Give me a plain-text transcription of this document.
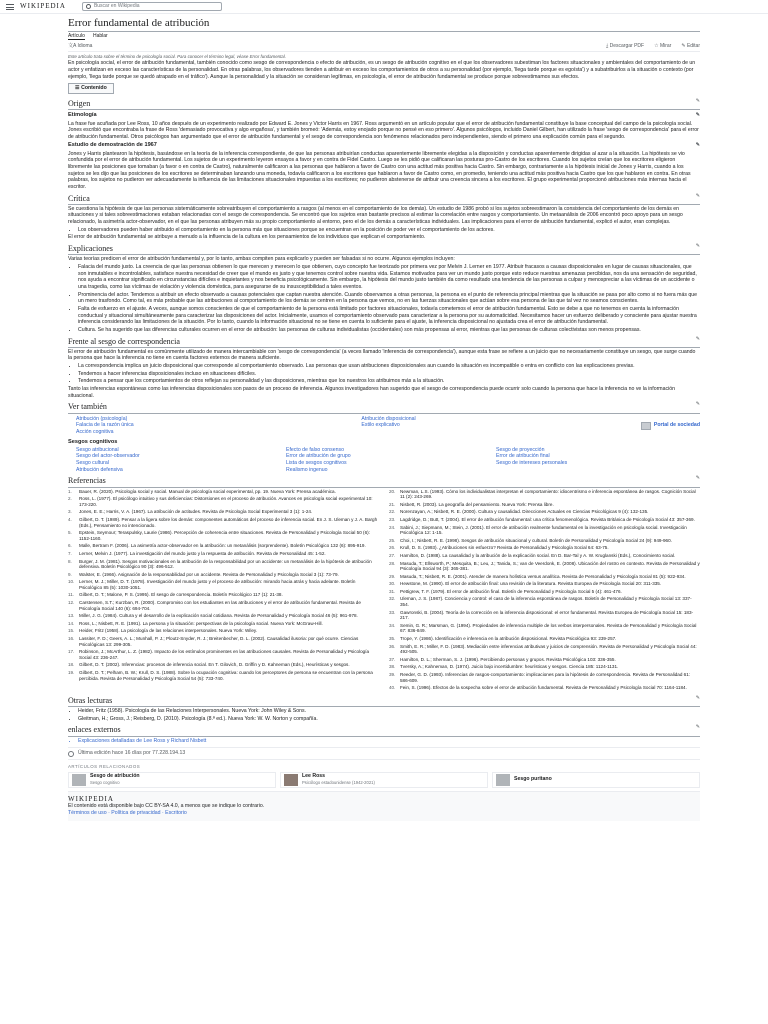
WIKIPEDIA	Buscar en Wikipedia
Error fundamental de atribución
Artículo Hablar
文A Idioma	⤓ Descargar PDF ☆ Mirar ✎ Editar
Este artículo trata sobre el término de psicología social. Para conocer el término legal, véase Error fundamental.

En psicología social, el error de atribución fundamental, también conocido como sesgo de correspondencia o efecto de atribución, es un sesgo de atribución cognitivo en el que los observadores subestiman los factores situacionales y ambientales del comportamiento de un actor y enfatizan en exceso las características de la personalidad. En otras palabras, los observadores tienden a atribuir en exceso los comportamientos de otros a su personalidad (por ejemplo, 'llega tarde porque es egoísta') y a subatribuirlos a la situación o contexto (por ejemplo, 'llega tarde porque se quedó atrapado en el tráfico'). Aunque la personalidad y la situación se consideran legítimas, en psicología, el error de atribución fundamental se produce porque sobreestimamos sus efectos.

☰ Contenido
Origen	✎
Etimología	✎

La frase fue acuñada por Lee Ross, 10 años después de un experimento realizado por Edward E. Jones y Victor Harris en 1967. Ross argumentó en un artículo popular que el error de atribución fundamental constituye la base conceptual del campo de la psicología social. Jones escribió que encontraba la frase de Ross 'demasiado provocativa y algo engañosa', y también bromeó: 'Además, estoy enojado porque no pensé en eso primero'. Algunos psicólogos, incluido Daniel Gilbert, han utilizado la frase 'sesgo de correspondencia' para el error de atribución fundamental. Otros psicólogos han argumentado que el error de atribución fundamental y el sesgo de correspondencia son fenómenos relacionados pero independientes, siendo el primero una explicación común para el segundo.

Estudio de demostración de 1967	✎

Jones y Harris plantearon la hipótesis, basándose en la teoría de la inferencia correspondiente, de que las personas atribuirían conductas aparentemente libremente elegidas a la disposición y conductas aparentemente dirigidas al azar a la situación. La hipótesis se vio confundida por el error de atribución fundamental. Los sujetos de un experimento leyeron ensayos a favor y en contra de Fidel Castro. Luego se les pidió que calificaran las posturas pro-Castro de los escritores. Cuando los sujetos creían que los escritores eligieron libremente las posiciones que tomaban (a favor o en contra de Castro), naturalmente calificaron a las personas que hablaron a favor de Castro con una actitud más positiva hacia Castro. Sin embargo, contrariamente a la hipótesis inicial de Jones y Harris, cuando a los sujetos se les dijo que las posiciones de los escritores se determinaban lanzando una moneda, todavía calificaron a los escritores que hablaron a favor de Castro como, en promedio, teniendo una actitud más positiva hacia Castro que los que hablaron en contra. En otras palabras, los sujetos no pudieron ver adecuadamente la influencia de las limitaciones situacionales impuestas a los escritores; no pudieron abstenerse de atribuir una creencia sincera a los escritores. El grupo experimental proporcionó atribuciones más internas hacia el escritor.

Crítica	✎

Se cuestiona la hipótesis de que las personas sistemáticamente sobreatribuyen el comportamiento a rasgos (al menos en el comportamiento de los demás). Un estudio de 1986 probó si los sujetos sobreestimaron la consistencia del comportamiento de los demás en situaciones y si tales sobreestimaciones estaban relacionadas con el sesgo de correspondencia. Se encontró que los sujetos eran bastante precisos al estimar la correlación entre rasgos y comportamiento. Un metaanálisis de 2006 encontró poco apoyo para un sesgo relacionado, la asimetría actor-observador, en el que las personas atribuyen más su propio comportamiento al entorno, pero el de los demás a características individuales. Las implicaciones para el error de atribución fundamental, explicó el autor, eran complejas.

• Los observadores pueden haber atribuido el comportamiento en la persona más que situaciones porque se encuentran en la posición de poder ver el comportamiento de los actores.

El error de atribución fundamental se atribuye a menudo a la influencia de la cultura en los pensamientos de los individuos que explican el comportamiento.

Explicaciones	✎

Varias teorías predicen el error de atribución fundamental y, por lo tanto, ambas compiten para explicarlo y pueden ser falsadas si no ocurre. Algunos ejemplos incluyen:

• Falacia del mundo justo. La creencia de que las personas obtienen lo que merecen y merecen lo que obtienen, cuyo concepto fue teorizado por primera vez por Melvin J. Lerner en 1977. Atribuir fracasos a causas disposicionales en lugar de causas situacionales, que son inmutables e incontrolables, satisface nuestra necesidad de creer que el mundo es justo y que tenemos control sobre nuestra vida. Estamos motivados para ver un mundo justo porque esto reduce nuestras amenazas percibidas, nos da una sensación de seguridad, nos ayuda a encontrar significado en circunstancias difíciles e inquietantes y nos beneficia psicológicamente. Sin embargo, la hipótesis del mundo justo también da como resultado una tendencia de las personas a culpar y menospreciar a las víctimas de un accidente o una tragedia, como las víctimas de violación y violencia doméstica, para asegurarse de su insusceptibilidad a tales eventos.
• Prominencia del actor. Tendemos a atribuir un efecto observado a causas potenciales que captan nuestra atención. Cuando observamos a otras personas, la persona es el punto de referencia principal mientras que la situación se pasa por alto como si no fuera más que un mero trasfondo. Como tal, es más probable que las atribuciones al comportamiento de los demás se centren en la persona que vemos, no en las fuerzas situacionales que actúan sobre esa persona de las que tal vez no seamos conscientes.
• Falta de esfuerzo en el ajuste. A veces, aunque somos conscientes de que el comportamiento de la persona está limitado por factores situacionales, todavía cometemos el error de atribución fundamental. Esto se debe a que no tenemos en cuenta la información conductual y situacional simultáneamente para caracterizar las disposiciones del actor. Inicialmente, usamos el comportamiento observado para caracterizar a la persona por su automaticidad. Necesitamos hacer un esfuerzo deliberado y consciente para ajustar nuestra inferencia considerando las limitaciones de la situación. Por lo tanto, cuando la información situacional no se tiene en cuenta lo suficiente para el ajuste, la inferencia disposicional no ajustada crea el error de atribución fundamental.
• Cultura. Se ha sugerido que las diferencias culturales ocurren en el error de atribución: las personas de culturas individualistas (occidentales) son más propensas al error, mientras que las personas de culturas colectivistas son menos propensas.
Frente al sesgo de correspondencia	✎

El error de atribución fundamental es comúnmente utilizado de manera intercambiable con 'sesgo de correspondencia' (a veces llamado 'inferencia de correspondencia'), aunque esta frase se refiere a un juicio que no necesariamente constituye un sesgo, que surge cuando la persona que hace la inferencia no tiene en cuenta factores externos de manera suficiente.

• La correspondencia implica un juicio disposicional que corresponde al comportamiento observado. Las personas que usan atribuciones disposicionales aun cuando la situación es incompatible o entra en conflicto con las explicaciones previas.
• Tendemos a hacer inferencias disposicionales incluso en situaciones difíciles.
• Tendemos a pensar que los comportamientos de otros reflejan su personalidad y las disposiciones, mientras que los nuestros los atribuimos más a la situación.

Tanto las inferencias espontáneas como las inferencias disposicionales son pasos de un proceso de inferencia. Algunos investigadores han sugerido que el sesgo de correspondencia puede ocurrir solo cuando la persona que hace la inferencia no ve la información situacional.

Ver también	✎
Atribución (psicología)	Atribución disposicional
Falacia de la razón única	Estilo explicativo
Acción cognitiva
Portal de sociedad
Sesgos cognitivos
Sesgo atribucional	Efecto de falso consenso	Sesgo de proyección
Sesgo del actor-observador	Error de atribución de grupo	Error de atribución final
Sesgo cultural	Lista de sesgos cognitivos	Sesgo de intereses personales
Atribución defensiva	Realismo ingenuo
Referencias	✎
1.	Bauer, R. (2020). Psicología social y social. Manual de psicología social experimental, pp. 19. Nueva York: Prensa académica.
2.	Ross, L. (1977). El psicólogo intuitivo y sus deficiencias: Distorsiones en el proceso de atribución. Avances en psicología social experimental 10: 173-220.
3.	Jones, E. E.; Harris, V. A. (1967). La atribución de actitudes. Revista de Psicología Social Experimental 3 (1): 1-24.
4.	Gilbert, D. T. (1989). Pensar a la ligera sobre los demás: componentes automáticos del proceso de inferencia social. En J. S. Uleman y J. A. Bargh (Eds.), Pensamiento no intencionado.
5.	Epstein, Seymour; Teraspulsky, Laurie (1986). Percepción de coherencia entre situaciones. Revista de Personalidad y Psicología Social 50 (6): 1152-1160.
6.	Malle, Bertram F. (2006). La asimetría actor-observador en la atribución: un metanálisis (sorprendente). Boletín Psicológico 132 (6): 895-919.
7.	Lerner, Melvin J. (1977). La investigación del mundo justo y la respuesta de atribución. Revista de Personalidad 45: 1-52.
8.	Burger, J. M. (1981). Sesgos motivacionales en la atribución de la responsabilidad por un accidente: un metanálisis de la hipótesis de atribución defensiva. Boletín Psicológico 90 (3): 496-512.
9.	Walster, E. (1966). Asignación de la responsabilidad por un accidente. Revista de Personalidad y Psicología Social 3 (1): 73-79.
10.	Lerner, M. J.; Miller, D. T. (1978). Investigación del mundo justo y el proceso de atribución: mirando hacia atrás y hacia adelante. Boletín Psicológico 85 (5): 1030-1051.
11.	Gilbert, D. T.; Malone, P. S. (1995). El sesgo de correspondencia. Boletín Psicológico 117 (1): 21-38.
12.	Carstensen, S.T.; Kurzban, R. (2000). Compromiso con los estudiantes en las atribuciones y el error de atribución fundamental. Revista de Psicología Social 140 (6): 694-704.
13.	Miller, J. G. (1984). Cultura y el desarrollo de la explicación social cotidiana. Revista de Personalidad y Psicología Social 46 (5): 961-978.
14.	Ross, L.; Nisbett, R. E. (1991). La persona y la situación: perspectivas de la psicología social. Nueva York: McGraw-Hill.
15.	Heider, Fritz (1958). La psicología de las relaciones interpersonales. Nueva York: Wiley.
16.	Lassiter, F. D.; Geers, A. L.; Munhall, P. J.; Ploutz-Snyder, R. J.; Breitenbecher, D. L. (2002). Causalidad ilusoria: por qué ocurre. Ciencias Psicológicas 13: 299-305.
17.	Robinson, J.; McArthur, L. Z. (1982). Impacto de los estímulos prominentes en las atribuciones causales. Revista de Personalidad y Psicología Social 43: 236-247.
18.	Gilbert, D. T. (2002). Inferencias: procesos de inferencia social. En T. Gilovich, D. Griffin y D. Kahneman (Eds.), Heurísticas y sesgos.
19.	Gilbert, D. T.; Pelham, B. W.; Krull, D. S. (1988). Sobre la ocupación cognitiva: cuando los perceptores de persona se encuentran con la persona percibida. Revista de Personalidad y Psicología Social 54 (5): 733-740.
20.	Newman, L.S. (1993). Cómo los individualistas interpretan el comportamiento: idiocentrismo e inferencia espontánea de rasgos. Cognición Social 11 (2): 243-269.
21.	Nisbett, R. (2003). La geografía del pensamiento. Nueva York: Prensa libre.
22.	Norenzayan, A.; Nisbett, R. E. (2000). Cultura y causalidad. Direcciones Actuales en Ciencias Psicológicas 9 (4): 132-135.
23.	Lagdridge, D.; Butt, T. (2004). El error de atribución fundamental: una crítica fenomenológica. Revista Británica de Psicología Social 43: 357-369.
24.	Sabini, J.; Siepmann, M.; Stein, J. (2001). El error de atribución realmente fundamental en la investigación en psicología social. Investigación Psicológica 12: 1-15.
25.	Choi, I.; Nisbett, R. E. (1998). Sesgos de atribución situacional y cultural. Boletín de Personalidad y Psicología Social 24 (9): 949-960.
26.	Krull, D. S. (1993). ¿Atribuciones sin esfuerzo? Revista de Personalidad y Psicología Social 64: 63-75.
27.	Hamilton, D. (1988). La causalidad y la atribución de la explicación social. En D. Bar-Tal y A. W. Kruglanski (Eds.), Conocimiento social.
28.	Masuda, T.; Ellsworth, P.; Mesquita, B.; Leu, J.; Tanida, S.; van de Veerdonk, E. (2008). Ubicación del rostro en contexto. Revista de Personalidad y Psicología Social 94 (3): 365-381.
29.	Masuda, T.; Nisbett, R. E. (2001). Atender de manera holística versus analítica. Revista de Personalidad y Psicología Social 81 (5): 922-934.
30.	Hewstone, M. (1990). El error de atribución final: una revisión de la literatura. Revista Europea de Psicología Social 20: 311-335.
31.	Pettigrew, T. F. (1979). El error de atribución final. Boletín de Personalidad y Psicología Social 5 (4): 461-476.
32.	Uleman, J. S. (1987). Conciencia y control: el caso de la inferencia espontánea de rasgos. Boletín de Personalidad y Psicología Social 13: 337-354.
33.	Gawronski, B. (2004). Teoría de la corrección en la inferencia disposicional: el error fundamental. Revista Europea de Psicología Social 15: 183-217.
34.	Semin, G. R.; Marsman, G. (1994). Propiedades de inferencia multiple de los verbos interpersonales. Revista de Personalidad y Psicología Social 67: 836-849.
35.	Trope, Y. (1986). Identificación e inferencia en la atribución disposicional. Revista Psicológica 93: 239-257.
36.	Smith, E. R.; Miller, F. D. (1983). Mediación entre inferencias atributivas y juicios de comprensión. Revista de Personalidad y Psicología Social 44: 492-505.
37.	Hamilton, D. L.; Sherman, S. J. (1996). Percibiendo personas y grupos. Revista Psicológica 103: 336-355.
38.	Tversky, A.; Kahneman, D. (1974). Juicio bajo incertidumbre: heurísticas y sesgos. Ciencia 185: 1124-1131.
39.	Reeder, G. D. (1993). Inferencias de rasgos-comportamiento: implicaciones para la hipótesis de correspondencia. Revista de Personalidad 61: 586-609.
40.	Fein, S. (1996). Efectos de la sospecha sobre el error de atribución fundamental. Revista de Personalidad y Psicología Social 70: 1164-1184.
Otras lecturas	✎
• Heider, Fritz (1958). Psicología de las Relaciones Interpersonales. Nueva York: John Wiley & Sons.
• Gleitman, H.; Gross, J.; Reisberg, D. (2010). Psicología (8.ª ed.). Nueva York: W. W. Norton y compañía.
enlaces externos	✎
• Explicaciones detalladas de Lee Ross y Richard Nisbett
Última edición hace 16 días por 77.228.194.13
ARTÍCULOS RELACIONADOS
Sesgo de atribución
Sesgo cognitivo
Lee Ross
Psicólogo estadounidense (1942-2021)	Sesgo puritano
WIKIPEDIA
El contenido está disponible bajo CC BY-SA 4.0, a menos que se indique lo contrario.
Términos de uso · Política de privacidad · Escritorio
